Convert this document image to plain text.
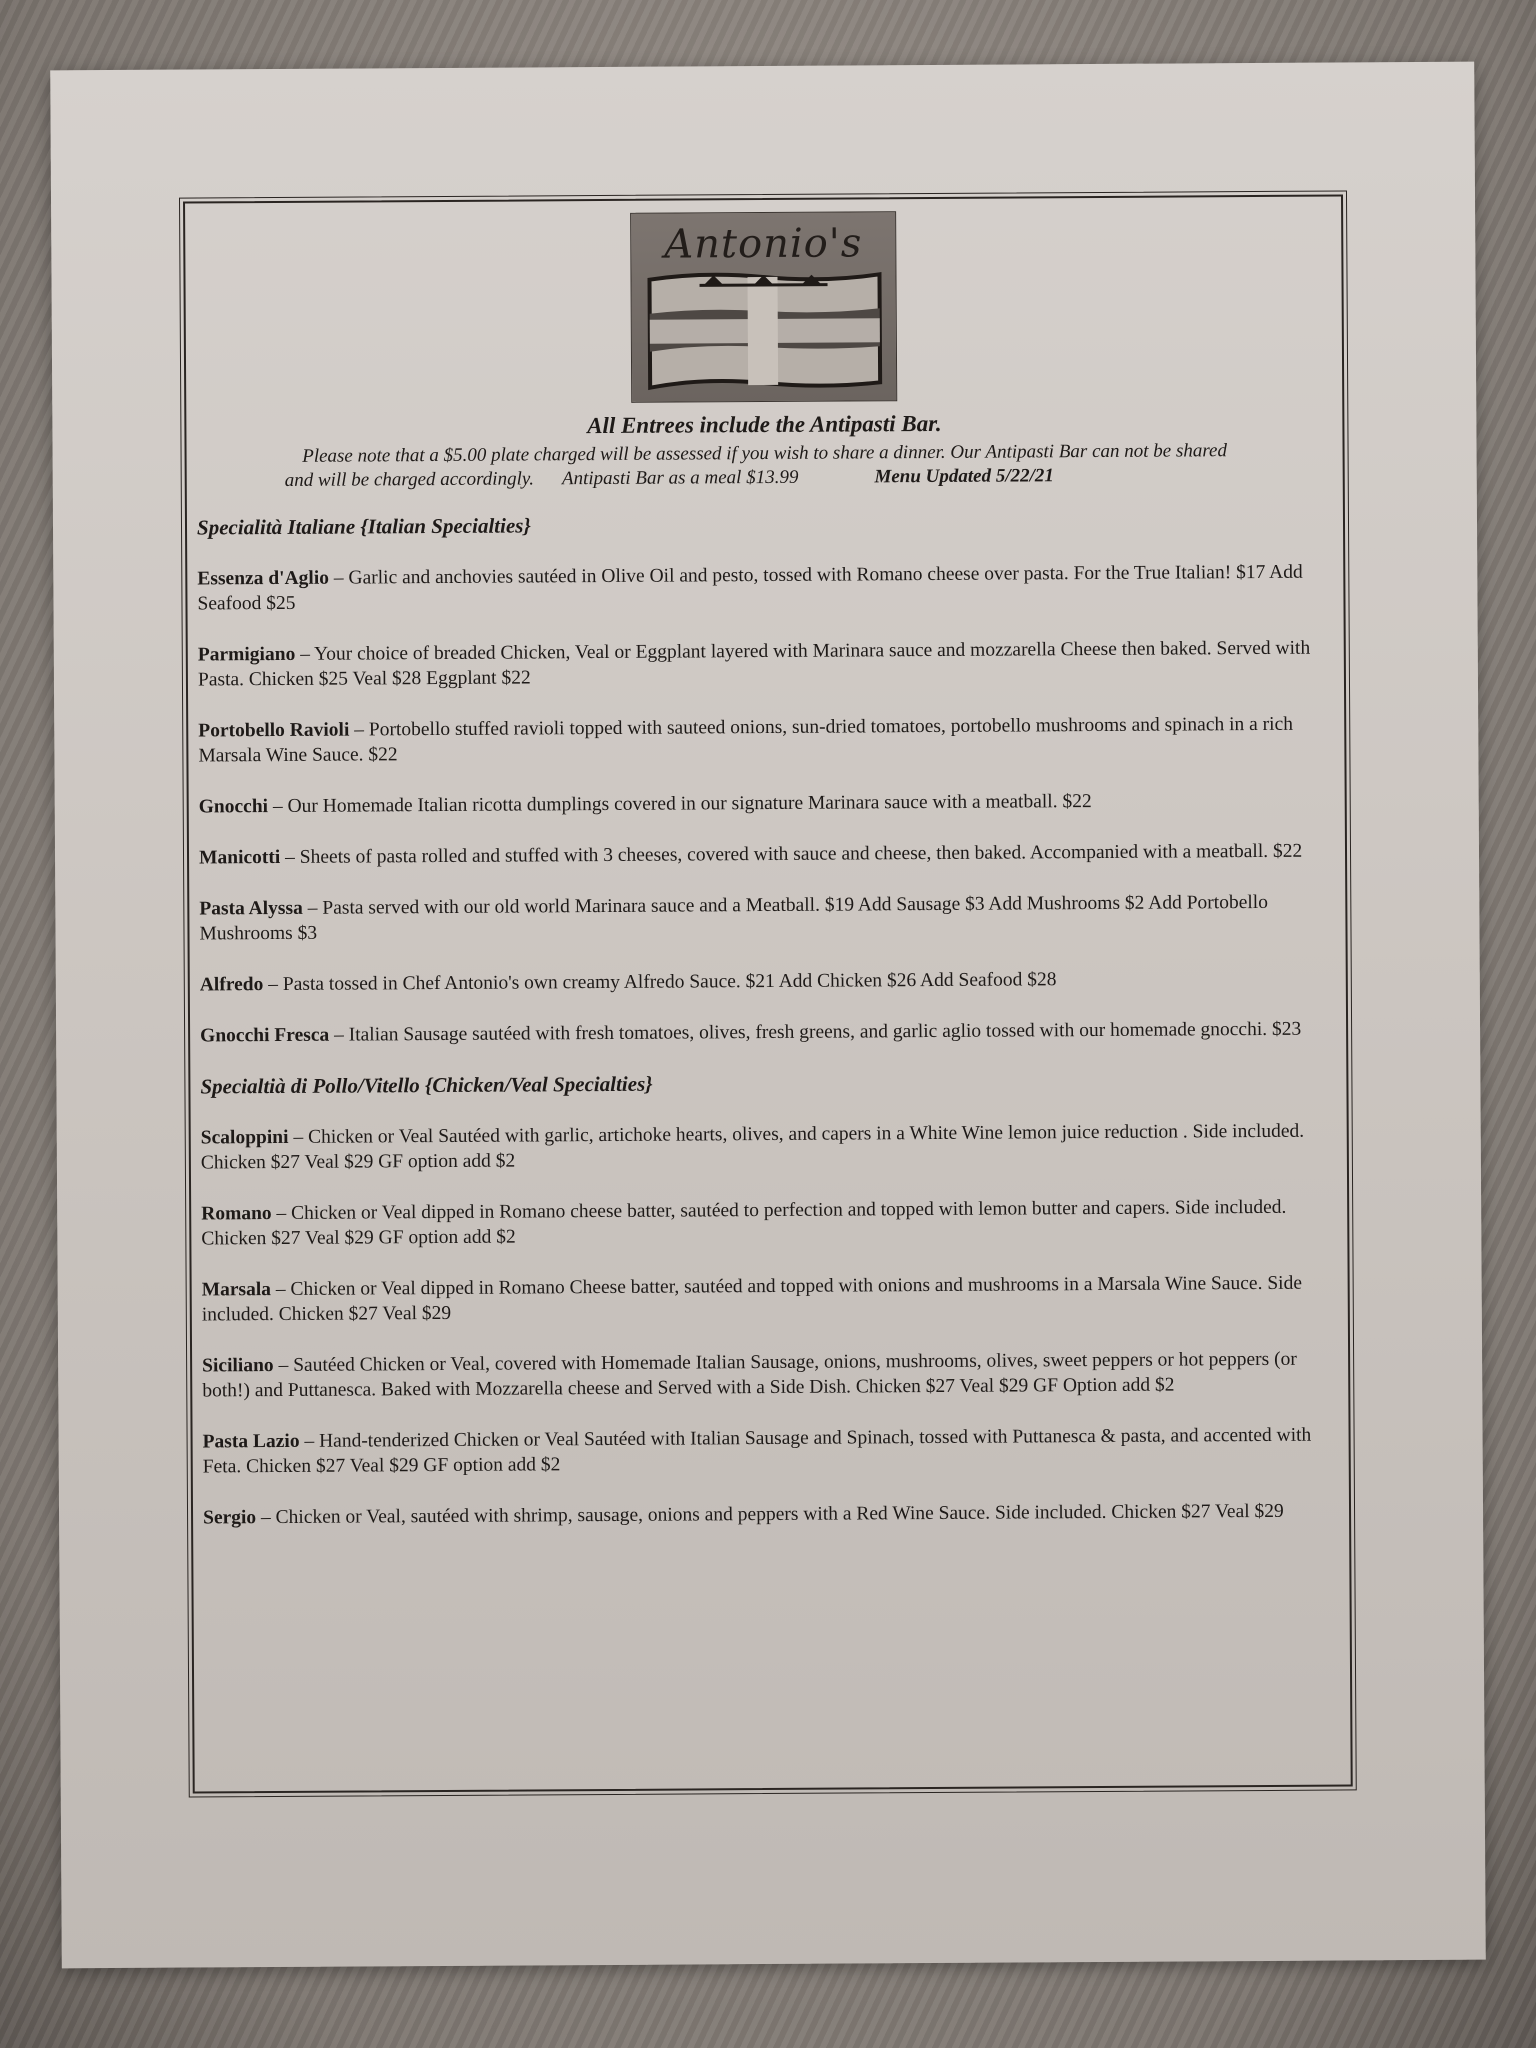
Antonio's
All Entrees include the Antipasti Bar.
Please note that a $5.00 plate charged will be assessed if you wish to share a dinner. Our Antipasti Bar can not be shared
and will be charged accordingly. Antipasti Bar as a meal $13.99	Menu Updated 5/22/21
Specialità Italiane {Italian Specialties}
Essenza d'Aglio – Garlic and anchovies sautéed in Olive Oil and pesto, tossed with Romano cheese over pasta. For the True Italian! $17 Add Seafood $25
Parmigiano – Your choice of breaded Chicken, Veal or Eggplant layered with Marinara sauce and mozzarella Cheese then baked. Served with Pasta. Chicken $25 Veal $28 Eggplant $22
Portobello Ravioli – Portobello stuffed ravioli topped with sauteed onions, sun-dried tomatoes, portobello mushrooms and spinach in a rich Marsala Wine Sauce. $22
Gnocchi – Our Homemade Italian ricotta dumplings covered in our signature Marinara sauce with a meatball. $22
Manicotti – Sheets of pasta rolled and stuffed with 3 cheeses, covered with sauce and cheese, then baked. Accompanied with a meatball. $22
Pasta Alyssa – Pasta served with our old world Marinara sauce and a Meatball. $19 Add Sausage $3 Add Mushrooms $2 Add Portobello Mushrooms $3
Alfredo – Pasta tossed in Chef Antonio's own creamy Alfredo Sauce. $21 Add Chicken $26 Add Seafood $28
Gnocchi Fresca – Italian Sausage sautéed with fresh tomatoes, olives, fresh greens, and garlic aglio tossed with our homemade gnocchi. $23
Specialtià di Pollo/Vitello {Chicken/Veal Specialties}
Scaloppini – Chicken or Veal Sautéed with garlic, artichoke hearts, olives, and capers in a White Wine lemon juice reduction . Side included. Chicken $27 Veal $29 GF option add $2
Romano – Chicken or Veal dipped in Romano cheese batter, sautéed to perfection and topped with lemon butter and capers. Side included. Chicken $27 Veal $29 GF option add $2
Marsala – Chicken or Veal dipped in Romano Cheese batter, sautéed and topped with onions and mushrooms in a Marsala Wine Sauce. Side included. Chicken $27 Veal $29
Siciliano – Sautéed Chicken or Veal, covered with Homemade Italian Sausage, onions, mushrooms, olives, sweet peppers or hot peppers (or both!) and Puttanesca. Baked with Mozzarella cheese and Served with a Side Dish. Chicken $27 Veal $29 GF Option add $2
Pasta Lazio – Hand-tenderized Chicken or Veal Sautéed with Italian Sausage and Spinach, tossed with Puttanesca & pasta, and accented with Feta. Chicken $27 Veal $29 GF option add $2
Sergio – Chicken or Veal, sautéed with shrimp, sausage, onions and peppers with a Red Wine Sauce. Side included. Chicken $27 Veal $29
